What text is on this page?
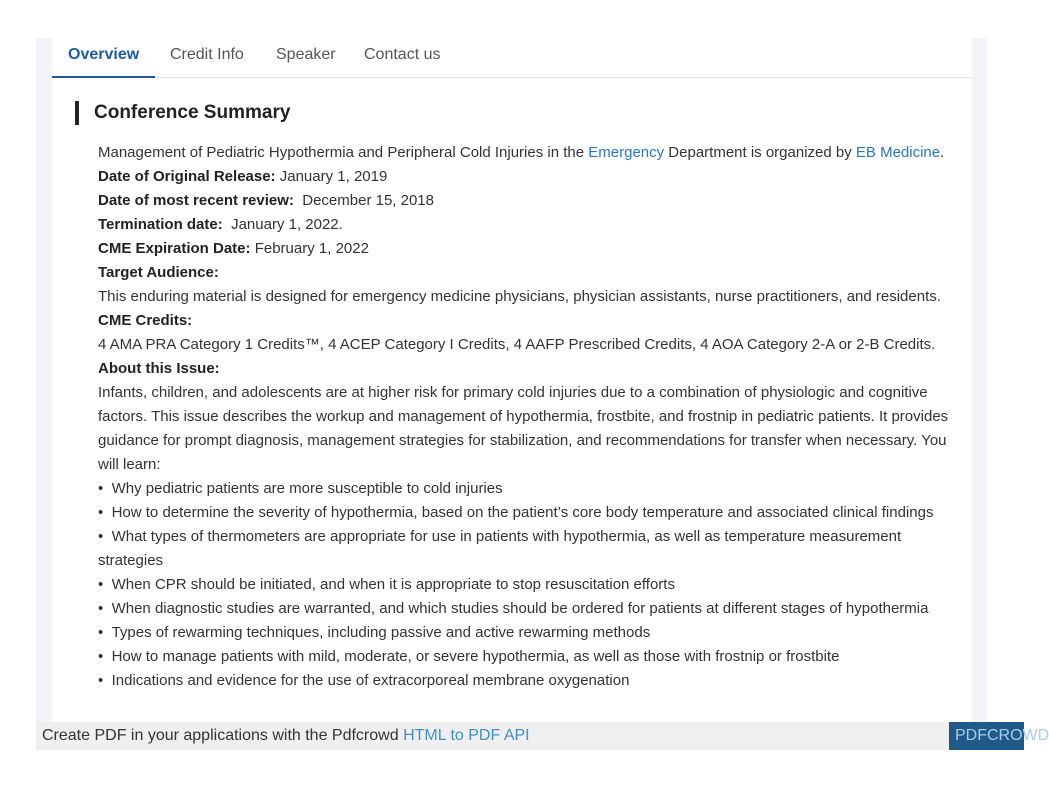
Overview Credit Info Speaker Contact us
Conference Summary

Management of Pediatric Hypothermia and Peripheral Cold Injuries in the Emergency Department is organized by EB Medicine.

Date of Original Release: January 1, 2019

Date of most recent review:  December 15, 2018

Termination date:  January 1, 2022.

CME Expiration Date: February 1, 2022

Target Audience:

This enduring material is designed for emergency medicine physicians, physician assistants, nurse practitioners, and residents.

CME Credits:

4 AMA PRA Category 1 Credits™, 4 ACEP Category I Credits, 4 AAFP Prescribed Credits, 4 AOA Category 2-A or 2-B Credits.

About this Issue:

Infants, children, and adolescents are at higher risk for primary cold injuries due to a combination of physiologic and cognitive factors. This issue describes the workup and management of hypothermia, frostbite, and frostnip in pediatric patients. It provides guidance for prompt diagnosis, management strategies for stabilization, and recommendations for transfer when necessary. You will learn:

•  Why pediatric patients are more susceptible to cold injuries

•  How to determine the severity of hypothermia, based on the patient’s core body temperature and associated clinical findings

•  What types of thermometers are appropriate for use in patients with hypothermia, as well as temperature measurement strategies

•  When CPR should be initiated, and when it is appropriate to stop resuscitation efforts

•  When diagnostic studies are warranted, and which studies should be ordered for patients at different stages of hypothermia

•  Types of rewarming techniques, including passive and active rewarming methods

•  How to manage patients with mild, moderate, or severe hypothermia, as well as those with frostnip or frostbite

•  Indications and evidence for the use of extracorporeal membrane oxygenation

Create PDF in your applications with the Pdfcrowd HTML to PDF API	PDFCROWD
